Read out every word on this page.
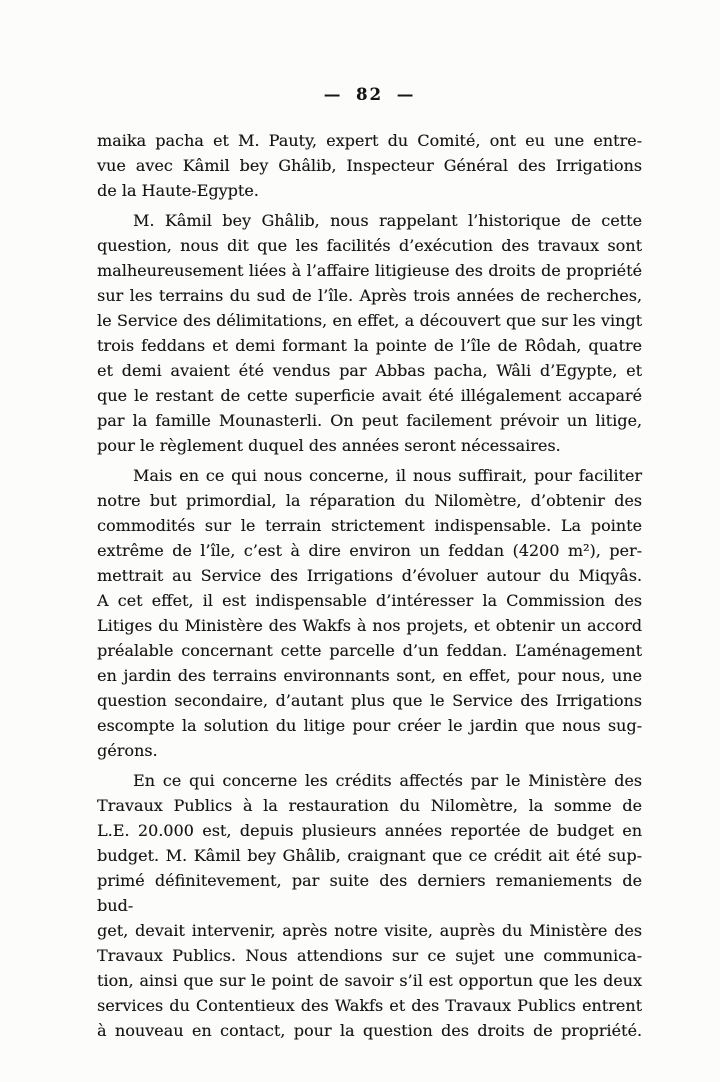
— 82 —

maika pacha et M. Pauty, expert du Comité, ont eu une entre-
vue avec Kâmil bey Ghâlib, Inspecteur Général des Irrigations
de la Haute-Egypte.

M. Kâmil bey Ghâlib, nous rappelant l’historique de cette
question, nous dit que les facilités d’exécution des travaux sont
malheureusement liées à l’affaire litigieuse des droits de propriété
sur les terrains du sud de l’île. Après trois années de recherches,
le Service des délimitations, en effet, a découvert que sur les vingt
trois feddans et demi formant la pointe de l’île de Rôdah, quatre
et demi avaient été vendus par Abbas pacha, Wâli d’Egypte, et
que le restant de cette superficie avait été illégalement accaparé
par la famille Mounasterli. On peut facilement prévoir un litige,
pour le règlement duquel des années seront nécessaires.

Mais en ce qui nous concerne, il nous suffirait, pour faciliter
notre but primordial, la réparation du Nilomètre, d’obtenir des
commodités sur le terrain strictement indispensable. La pointe
extrême de l’île, c’est à dire environ un feddan (4200 m²), per-
mettrait au Service des Irrigations d’évoluer autour du Miqyâs.
A cet effet, il est indispensable d’intéresser la Commission des
Litiges du Ministère des Wakfs à nos projets, et obtenir un accord
préalable concernant cette parcelle d’un feddan. L’aménagement
en jardin des terrains environnants sont, en effet, pour nous, une
question secondaire, d’autant plus que le Service des Irrigations
escompte la solution du litige pour créer le jardin que nous sug-
gérons.

En ce qui concerne les crédits affectés par le Ministère des
Travaux Publics à la restauration du Nilomètre, la somme de
L.E. 20.000 est, depuis plusieurs années reportée de budget en
budget. M. Kâmil bey Ghâlib, craignant que ce crédit ait été sup-
primé définitevement, par suite des derniers remaniements de bud-
get, devait intervenir, après notre visite, auprès du Ministère des
Travaux Publics. Nous attendions sur ce sujet une communica-
tion, ainsi que sur le point de savoir s’il est opportun que les deux
services du Contentieux des Wakfs et des Travaux Publics entrent
à nouveau en contact, pour la question des droits de propriété.
